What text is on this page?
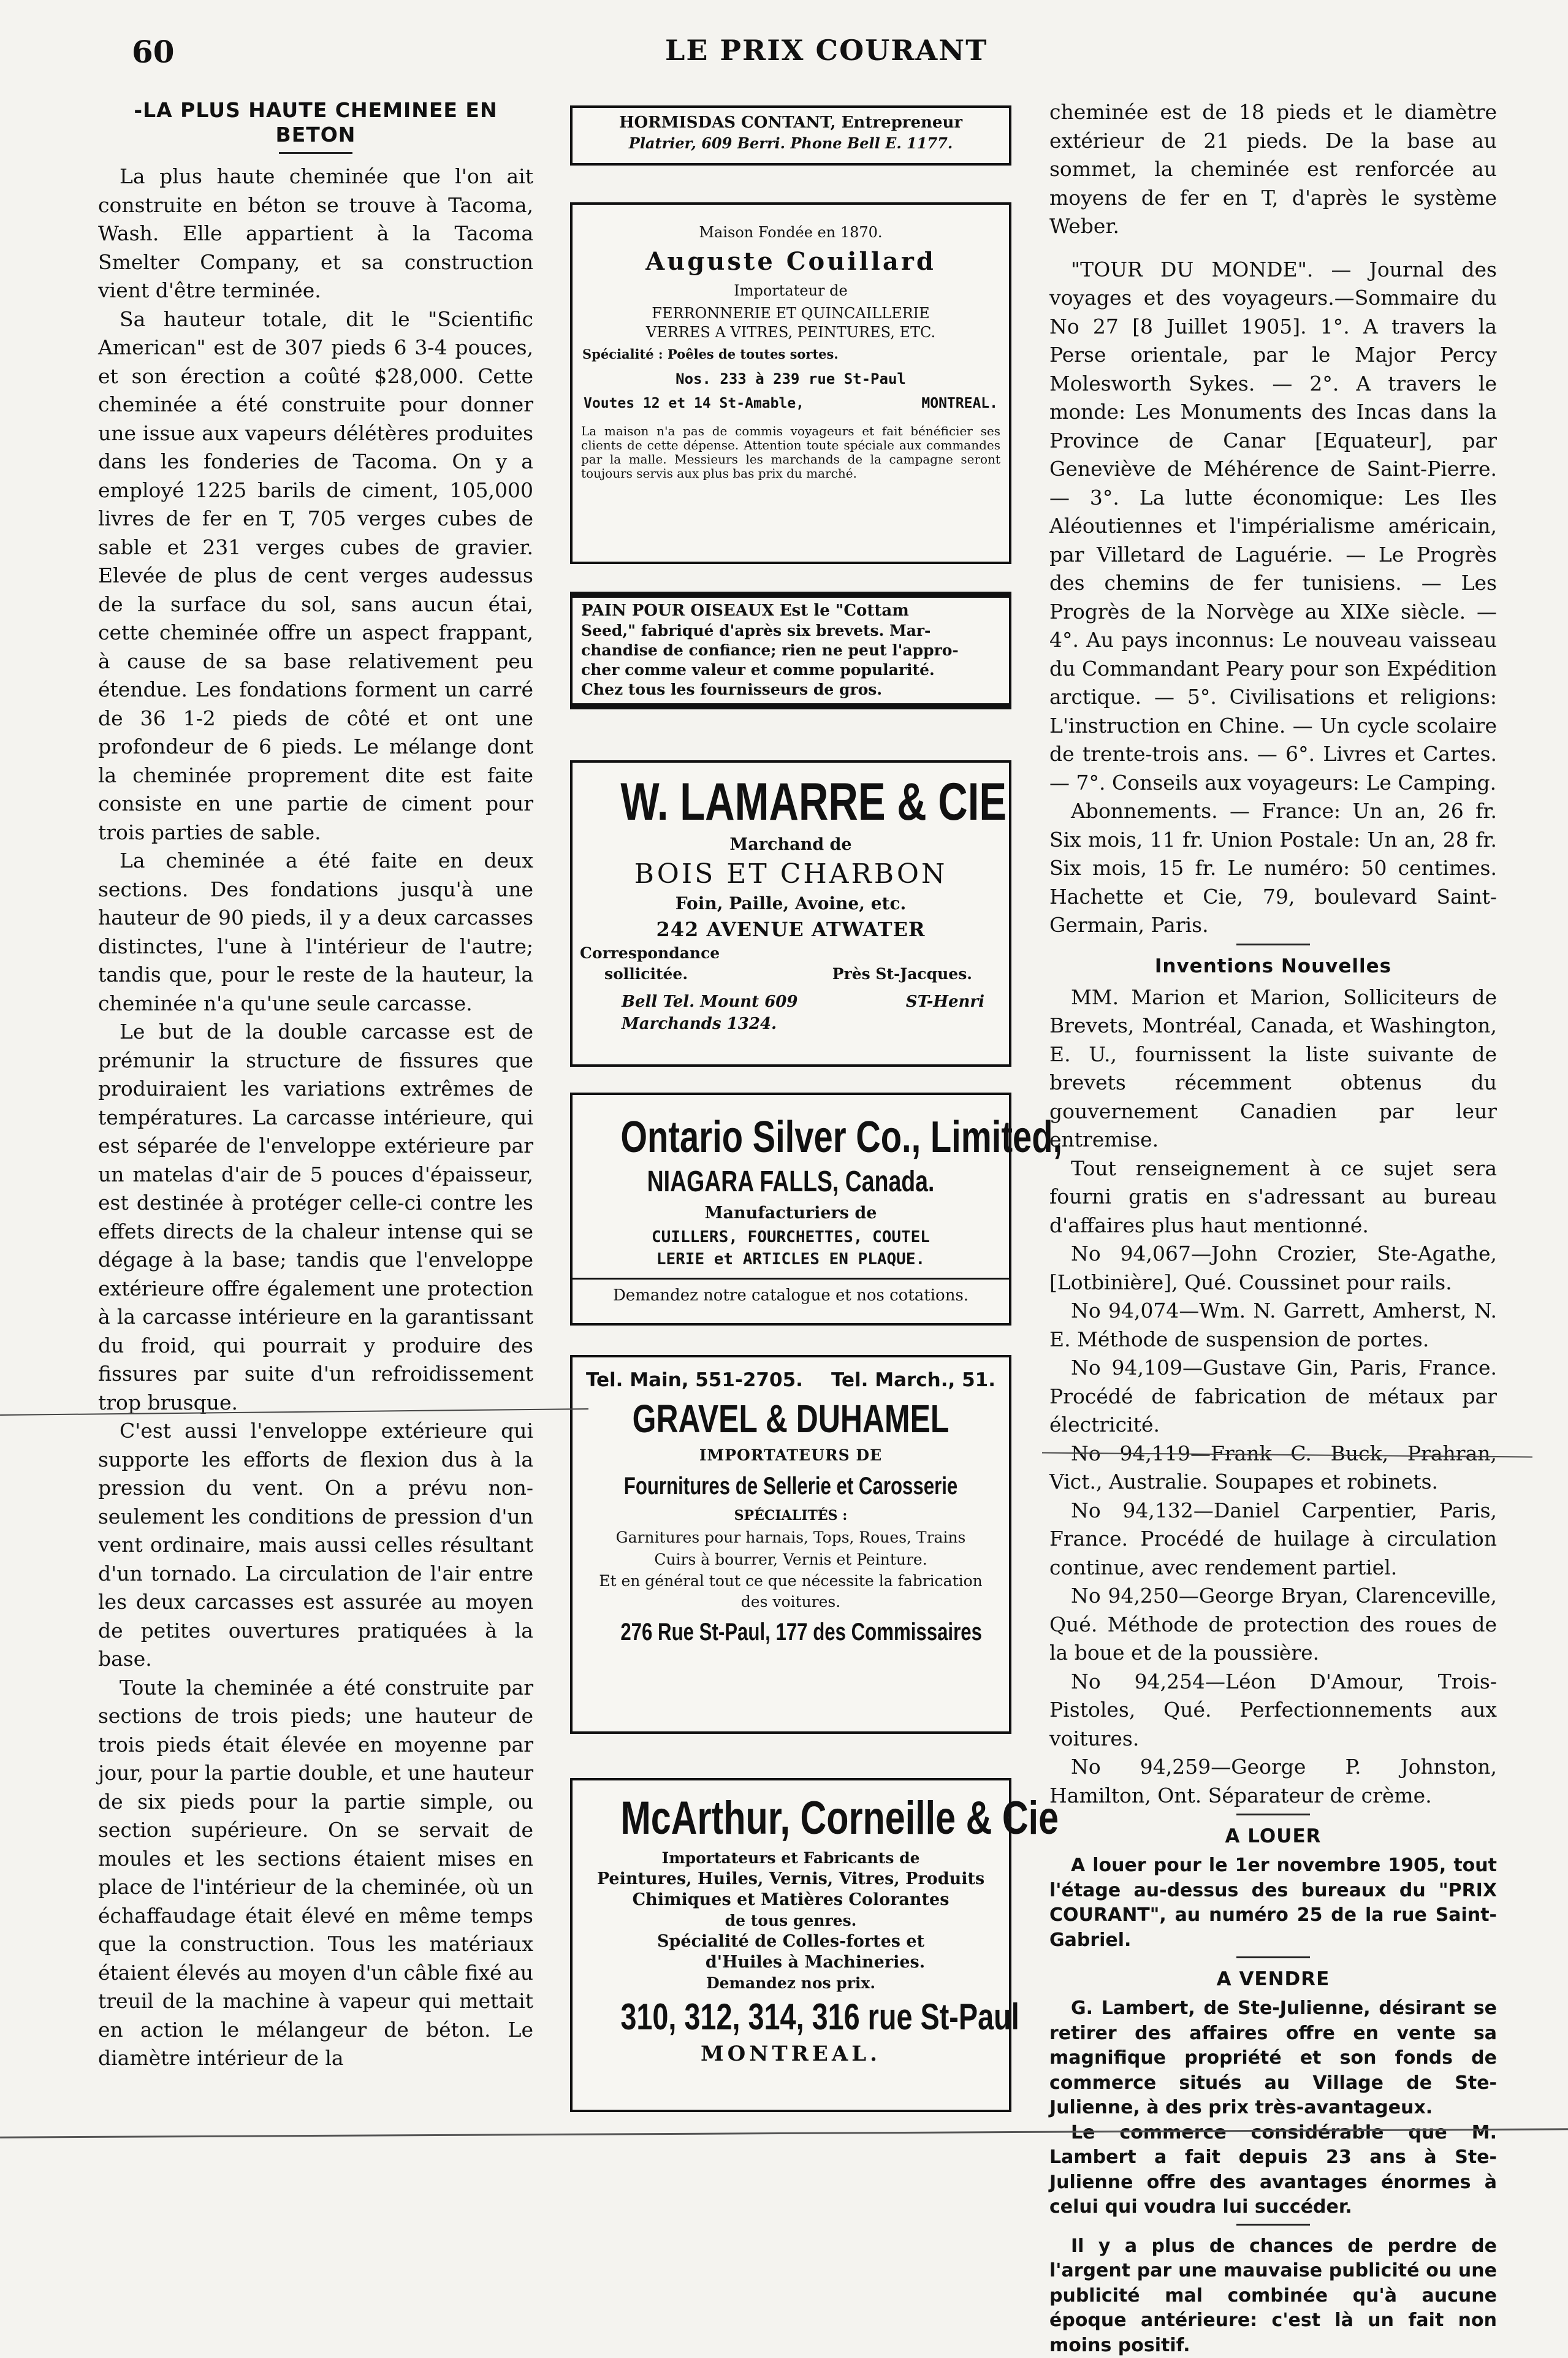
60	LE PRIX COURANT
-LA PLUS HAUTE CHEMINEE EN BETON

La plus haute cheminée que l'on ait construite en béton se trouve à Tacoma, Wash. Elle appartient à la Tacoma Smelter Company, et sa construction vient d'être terminée.

Sa hauteur totale, dit le "Scientific American" est de 307 pieds 6 3-4 pouces, et son érection a coûté $28,000. Cette cheminée a été construite pour donner une issue aux vapeurs délétères produites dans les fonderies de Tacoma. On y a employé 1225 barils de ciment, 105,000 livres de fer en T, 705 verges cubes de sable et 231 verges cubes de gravier. Elevée de plus de cent verges audessus de la surface du sol, sans aucun étai, cette cheminée offre un aspect frappant, à cause de sa base relativement peu étendue. Les fondations forment un carré de 36 1-2 pieds de côté et ont une profondeur de 6 pieds. Le mélange dont la cheminée proprement dite est faite consiste en une partie de ciment pour trois parties de sable.

La cheminée a été faite en deux sections. Des fondations jusqu'à une hauteur de 90 pieds, il y a deux carcasses distinctes, l'une à l'intérieur de l'autre; tandis que, pour le reste de la hauteur, la cheminée n'a qu'une seule carcasse.

Le but de la double carcasse est de prémunir la structure de fissures que produiraient les variations extrêmes de températures. La carcasse intérieure, qui est séparée de l'enveloppe extérieure par un matelas d'air de 5 pouces d'épaisseur, est destinée à protéger celle-ci contre les effets directs de la chaleur intense qui se dégage à la base; tandis que l'enveloppe extérieure offre également une protection à la carcasse intérieure en la garantissant du froid, qui pourrait y produire des fissures par suite d'un refroidissement trop brusque.

C'est aussi l'enveloppe extérieure qui supporte les efforts de flexion dus à la pression du vent. On a prévu non-seulement les conditions de pression d'un vent ordinaire, mais aussi celles résultant d'un tornado. La circulation de l'air entre les deux carcasses est assurée au moyen de petites ouvertures pratiquées à la base.

Toute la cheminée a été construite par sections de trois pieds; une hauteur de trois pieds était élevée en moyenne par jour, pour la partie double, et une hauteur de six pieds pour la partie simple, ou section supérieure. On se servait de moules et les sections étaient mises en place de l'intérieur de la cheminée, où un échaffaudage était élevé en même temps que la construction. Tous les matériaux étaient élevés au moyen d'un câble fixé au treuil de la machine à vapeur qui mettait en action le mélangeur de béton. Le diamètre intérieur de la

HORMISDAS CONTANT, Entrepreneur
Platrier, 609 Berri. Phone Bell E. 1177.
Maison Fondée en 1870.
Auguste Couillard
Importateur de
FERRONNERIE ET QUINCAILLERIE
VERRES A VITRES, PEINTURES, ETC.
Spécialité : Poêles de toutes sortes.
Nos. 233 à 239 rue St-Paul
Voutes 12 et 14 St-Amable,	MONTREAL.
La maison n'a pas de commis voyageurs et fait bénéficier ses clients de cette dépense. Attention toute spéciale aux commandes par la malle. Messieurs les marchands de la campagne seront toujours servis aux plus bas prix du marché.
PAIN POUR OISEAUX Est le "Cottam
Seed," fabriqué d'après six brevets. Mar-
chandise de confiance; rien ne peut l'appro-
cher comme valeur et comme popularité.
Chez tous les fournisseurs de gros.
W. LAMARRE & CIE
Marchand de
BOIS ET CHARBON
Foin, Paille, Avoine, etc.
242 AVENUE ATWATER
Correspondance
sollicitée.	Près St-Jacques.
Bell Tel. Mount 609	ST-Henri
Marchands 1324.
Ontario Silver Co., Limited,
NIAGARA FALLS, Canada.
Manufacturiers de
CUILLERS, FOURCHETTES, COUTEL
LERIE et ARTICLES EN PLAQUE.
Demandez notre catalogue et nos cotations.
Tel. Main, 551-2705. Tel. March., 51.
GRAVEL & DUHAMEL
IMPORTATEURS DE
Fournitures de Sellerie et Carosserie
SPÉCIALITÉS :
Garnitures pour harnais, Tops, Roues, Trains
Cuirs à bourrer, Vernis et Peinture.
Et en général tout ce que nécessite la fabrication des voitures.
276 Rue St-Paul, 177 des Commissaires
McArthur, Corneille & Cie
Importateurs et Fabricants de
Peintures, Huiles, Vernis, Vitres, Produits Chimiques et Matières Colorantes
de tous genres.
Spécialité de Colles-fortes et
d'Huiles à Machineries.
Demandez nos prix.
310, 312, 314, 316 rue St-Paul
MONTREAL.

cheminée est de 18 pieds et le diamètre extérieur de 21 pieds. De la base au sommet, la cheminée est renforcée au moyens de fer en T, d'après le système Weber.

"TOUR DU MONDE". — Journal des voyages et des voyageurs.—Sommaire du No 27 [8 Juillet 1905]. 1°. A travers la Perse orientale, par le Major Percy Molesworth Sykes. — 2°. A travers le monde: Les Monuments des Incas dans la Province de Canar [Equateur], par Geneviève de Méhérence de Saint-Pierre. — 3°. La lutte économique: Les Iles Aléoutiennes et l'impérialisme américain, par Villetard de Laguérie. — Le Progrès des chemins de fer tunisiens. — Les Progrès de la Norvège au XIXe siècle. — 4°. Au pays inconnus: Le nouveau vaisseau du Commandant Peary pour son Expédition arctique. — 5°. Civilisations et religions: L'instruction en Chine. — Un cycle scolaire de trente-trois ans. — 6°. Livres et Cartes. — 7°. Conseils aux voyageurs: Le Camping.

Abonnements. — France: Un an, 26 fr. Six mois, 11 fr. Union Postale: Un an, 28 fr. Six mois, 15 fr. Le numéro: 50 centimes. Hachette et Cie, 79, boulevard Saint-Germain, Paris.

Inventions Nouvelles

MM. Marion et Marion, Solliciteurs de Brevets, Montréal, Canada, et Washington, E. U., fournissent la liste suivante de brevets récemment obtenus du gouvernement Canadien par leur entremise.

Tout renseignement à ce sujet sera fourni gratis en s'adressant au bureau d'affaires plus haut mentionné.

No 94,067—John Crozier, Ste-Agathe, [Lotbinière], Qué. Coussinet pour rails.

No 94,074—Wm. N. Garrett, Amherst, N. E. Méthode de suspension de portes.

No 94,109—Gustave Gin, Paris, France. Procédé de fabrication de métaux par électricité.

No 94,119—Frank C. Buck, Prahran, Vict., Australie. Soupapes et robinets.

No 94,132—Daniel Carpentier, Paris, France. Procédé de huilage à circulation continue, avec rendement partiel.

No 94,250—George Bryan, Clarenceville, Qué. Méthode de protection des roues de la boue et de la poussière.

No 94,254—Léon D'Amour, Trois-Pistoles, Qué. Perfectionnements aux voitures.

No 94,259—George P. Johnston, Hamilton, Ont. Séparateur de crème.

A LOUER

A louer pour le 1er novembre 1905, tout l'étage au-dessus des bureaux du "PRIX COURANT", au numéro 25 de la rue Saint-Gabriel.

A VENDRE

G. Lambert, de Ste-Julienne, désirant se retirer des affaires offre en vente sa magnifique propriété et son fonds de commerce situés au Village de Ste-Julienne, à des prix très-avantageux.

Le commerce considérable que M. Lambert a fait depuis 23 ans à Ste-Julienne offre des avantages énormes à celui qui voudra lui succéder.

Il y a plus de chances de perdre de l'argent par une mauvaise publicité ou une publicité mal combinée qu'à aucune époque antérieure: c'est là un fait non moins positif.
